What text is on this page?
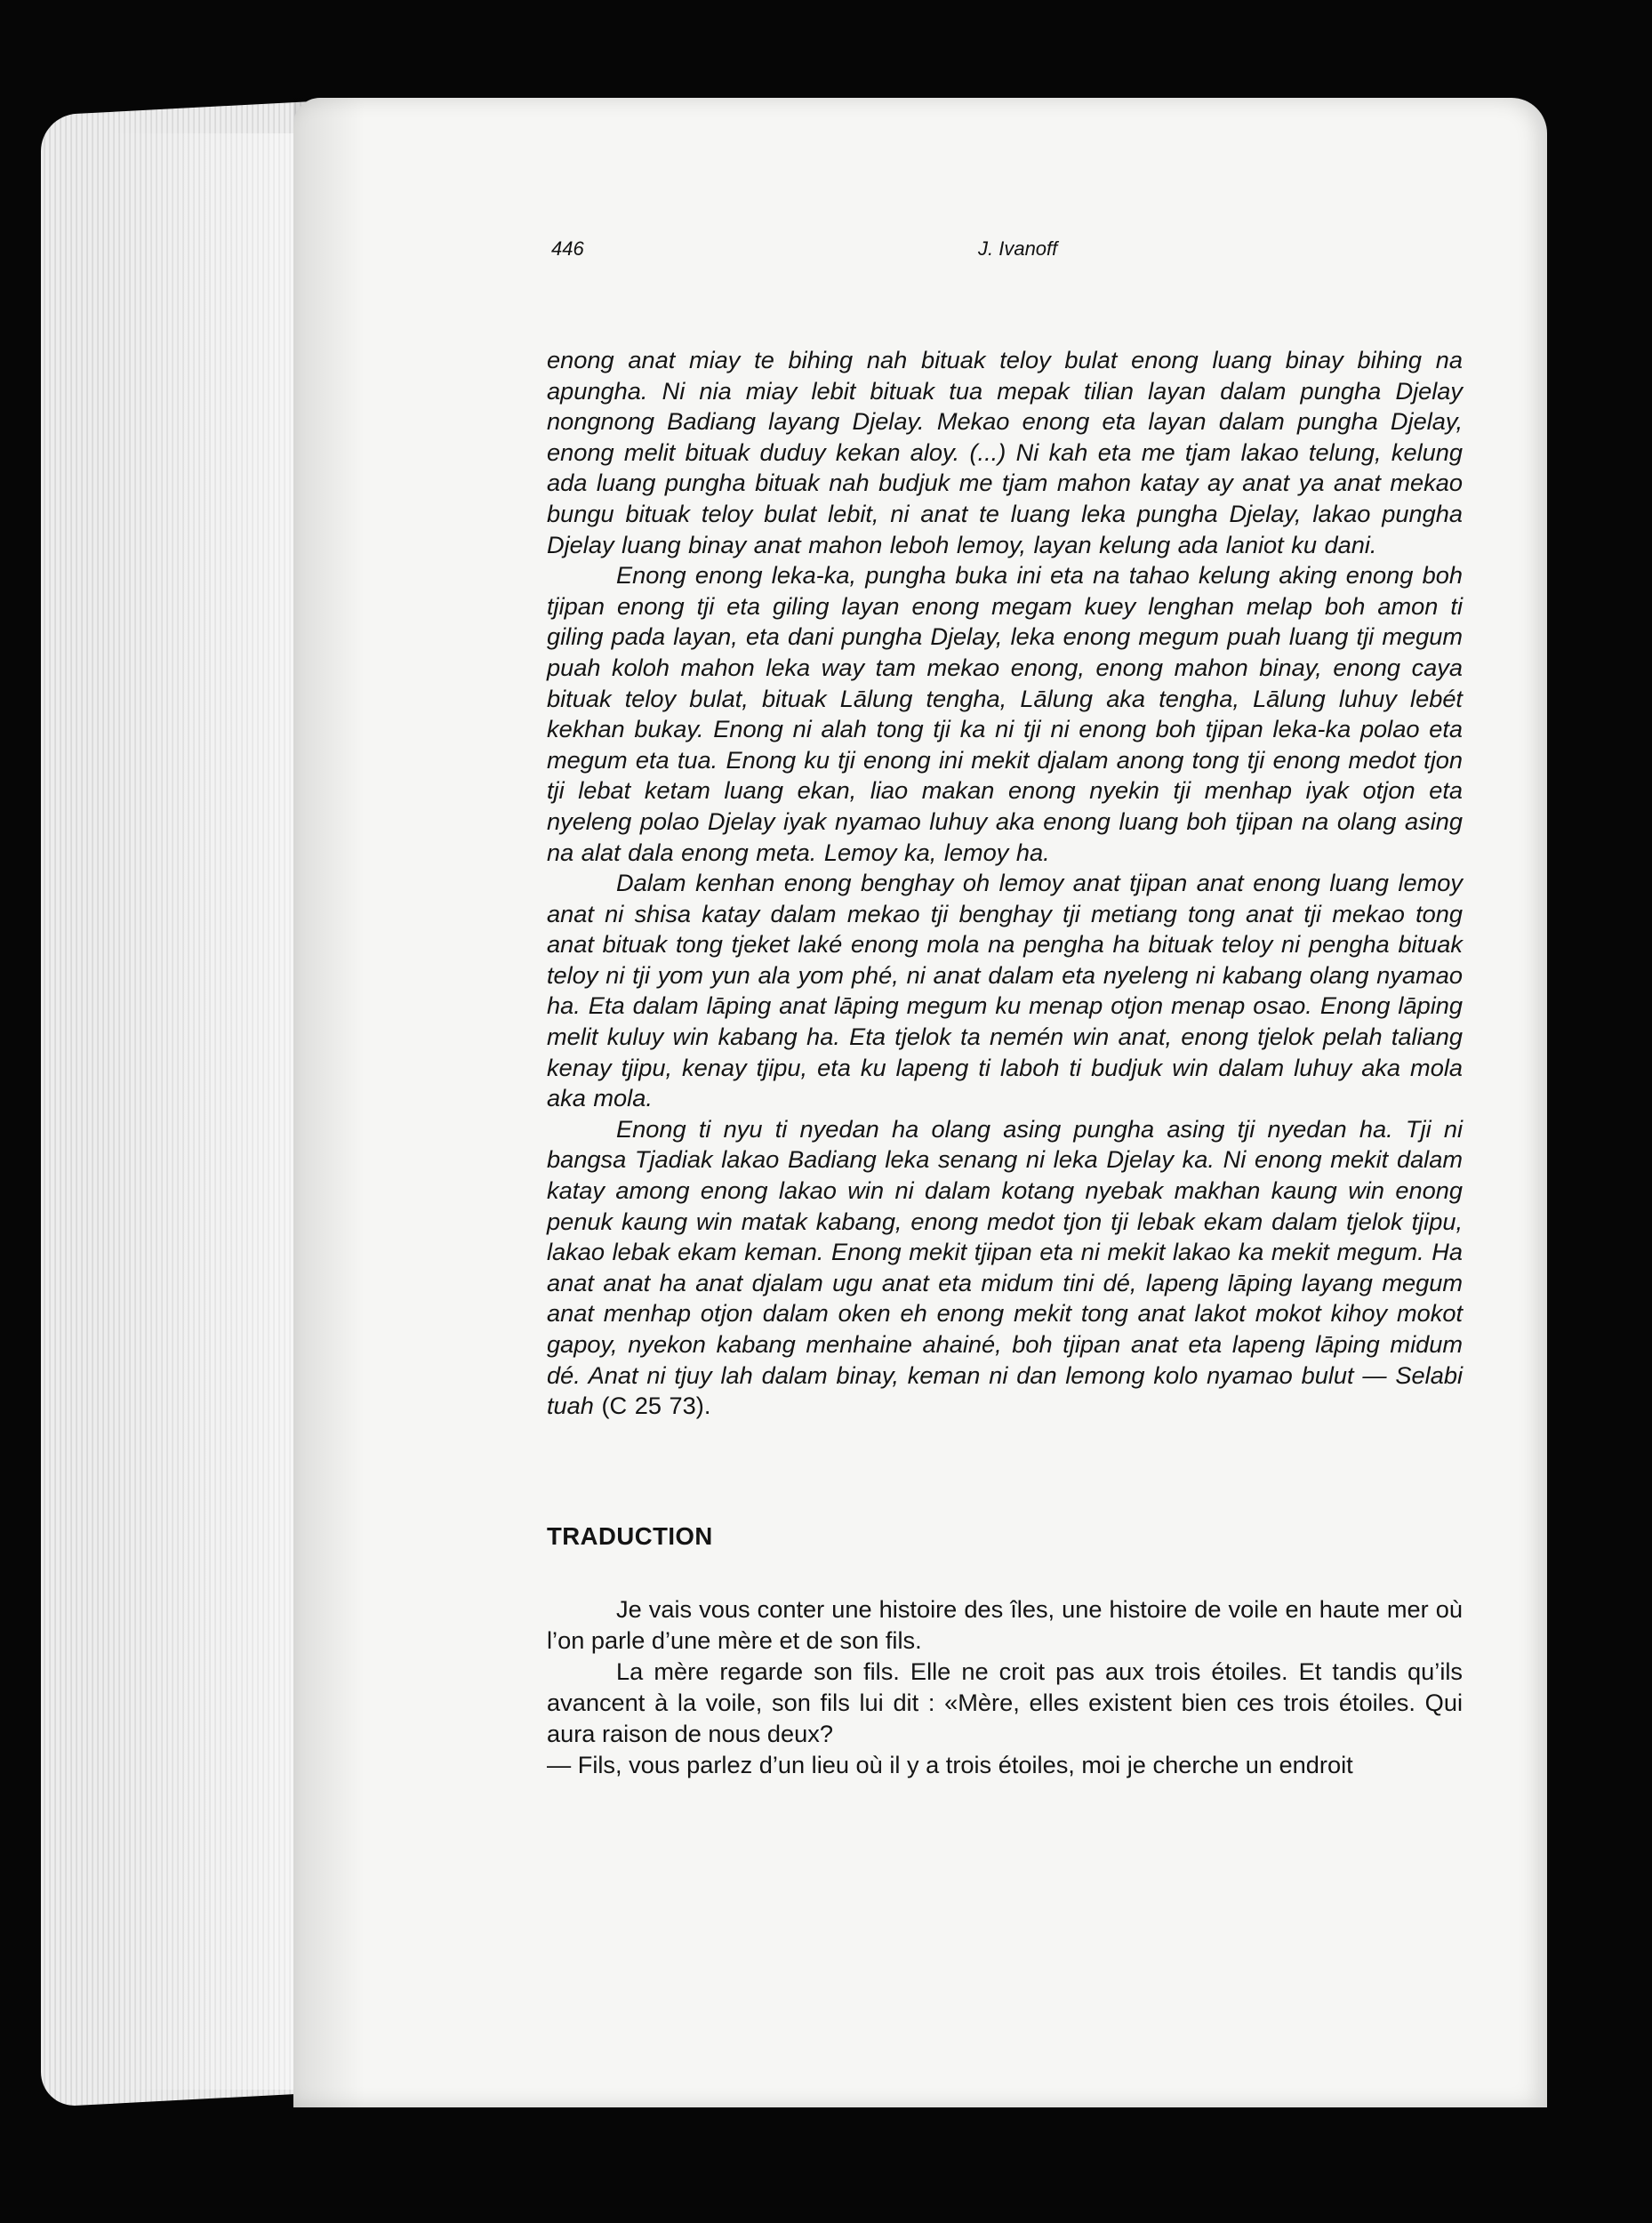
446	J. Ivanoff

enong anat miay te bihing nah bituak teloy bulat enong luang binay bihing na apungha. Ni nia miay lebit bituak tua mepak tilian layan dalam pungha Djelay nongnong Badiang layang Djelay. Mekao enong eta layan dalam pungha Djelay, enong melit bituak duduy kekan aloy. (...) Ni kah eta me tjam lakao telung, kelung ada luang pungha bituak nah budjuk me tjam mahon katay ay anat ya anat mekao bungu bituak teloy bulat lebit, ni anat te luang leka pungha Djelay, lakao pungha Djelay luang binay anat mahon leboh lemoy, layan kelung ada laniot ku dani.

Enong enong leka-ka, pungha buka ini eta na tahao kelung aking enong boh tjipan enong tji eta giling layan enong megam kuey lenghan melap boh amon ti giling pada layan, eta dani pungha Djelay, leka enong megum puah luang tji megum puah koloh mahon leka way tam mekao enong, enong mahon binay, enong caya bituak teloy bulat, bituak Lālung tengha, Lālung aka tengha, Lālung luhuy lebét kekhan bukay. Enong ni alah tong tji ka ni tji ni enong boh tjipan leka-ka polao eta megum eta tua. Enong ku tji enong ini mekit djalam anong tong tji enong medot tjon tji lebat ketam luang ekan, liao makan enong nyekin tji menhap iyak otjon eta nyeleng polao Djelay iyak nyamao luhuy aka enong luang boh tjipan na olang asing na alat dala enong meta. Lemoy ka, lemoy ha.

Dalam kenhan enong benghay oh lemoy anat tjipan anat enong luang lemoy anat ni shisa katay dalam mekao tji benghay tji metiang tong anat tji mekao tong anat bituak tong tjeket laké enong mola na pengha ha bituak teloy ni pengha bituak teloy ni tji yom yun ala yom phé, ni anat dalam eta nyeleng ni kabang olang nyamao ha. Eta dalam lāping anat lāping megum ku menap otjon menap osao. Enong lāping melit kuluy win kabang ha. Eta tjelok ta nemén win anat, enong tjelok pelah taliang kenay tjipu, kenay tjipu, eta ku lapeng ti laboh ti budjuk win dalam luhuy aka mola aka mola.

Enong ti nyu ti nyedan ha olang asing pungha asing tji nyedan ha. Tji ni bangsa Tjadiak lakao Badiang leka senang ni leka Djelay ka. Ni enong mekit dalam katay among enong lakao win ni dalam kotang nyebak makhan kaung win enong penuk kaung win matak kabang, enong medot tjon tji lebak ekam dalam tjelok tjipu, lakao lebak ekam keman. Enong mekit tjipan eta ni mekit lakao ka mekit megum. Ha anat anat ha anat djalam ugu anat eta midum tini dé, lapeng lāping layang megum anat menhap otjon dalam oken eh enong mekit tong anat lakot mokot kihoy mokot gapoy, nyekon kabang menhaine ahainé, boh tjipan anat eta lapeng lāping midum dé. Anat ni tjuy lah dalam binay, keman ni dan lemong kolo nyamao bulut — Selabi tuah (C 25 73).

TRADUCTION

Je vais vous conter une histoire des îles, une histoire de voile en haute mer où l’on parle d’une mère et de son fils.

La mère regarde son fils. Elle ne croit pas aux trois étoiles. Et tandis qu’ils avancent à la voile, son fils lui dit : «Mère, elles existent bien ces trois étoiles. Qui aura raison de nous deux?

— Fils, vous parlez d’un lieu où il y a trois étoiles, moi je cherche un endroit
